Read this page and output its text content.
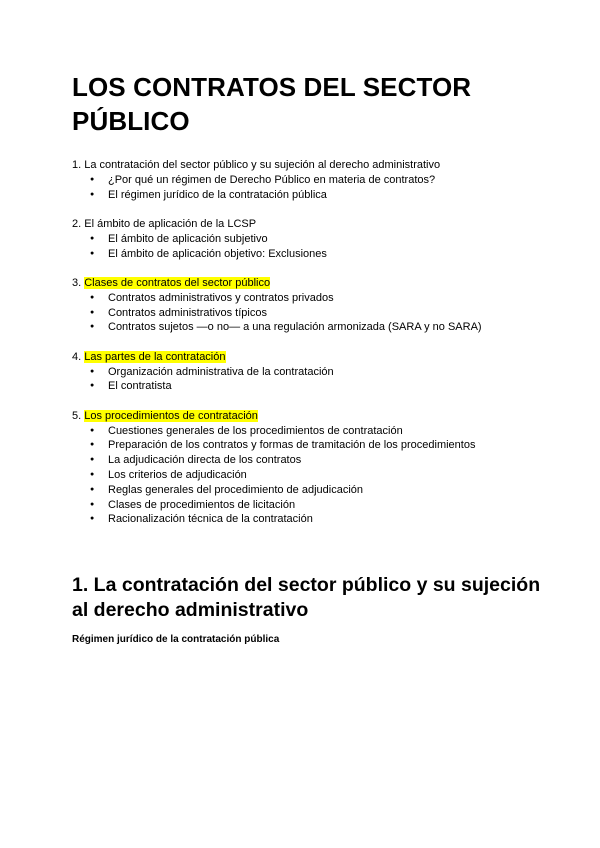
LOS CONTRATOS DEL SECTOR PÚBLICO

1. La contratación del sector público y su sujeción al derecho administrativo

● ¿Por qué un régimen de Derecho Público en materia de contratos?
● El régimen jurídico de la contratación pública

2. El ámbito de aplicación de la LCSP

● El ámbito de aplicación subjetivo
● El ámbito de aplicación objetivo: Exclusiones

3. Clases de contratos del sector público

● Contratos administrativos y contratos privados
● Contratos administrativos típicos
● Contratos sujetos —o no— a una regulación armonizada (SARA y no SARA)

4. Las partes de la contratación

● Organización administrativa de la contratación
● El contratista

5. Los procedimientos de contratación

● Cuestiones generales de los procedimientos de contratación
● Preparación de los contratos y formas de tramitación de los procedimientos
● La adjudicación directa de los contratos
● Los criterios de adjudicación
● Reglas generales del procedimiento de adjudicación
● Clases de procedimientos de licitación
● Racionalización técnica de la contratación
1. La contratación del sector público y su sujeción al derecho administrativo
Régimen jurídico de la contratación pública
